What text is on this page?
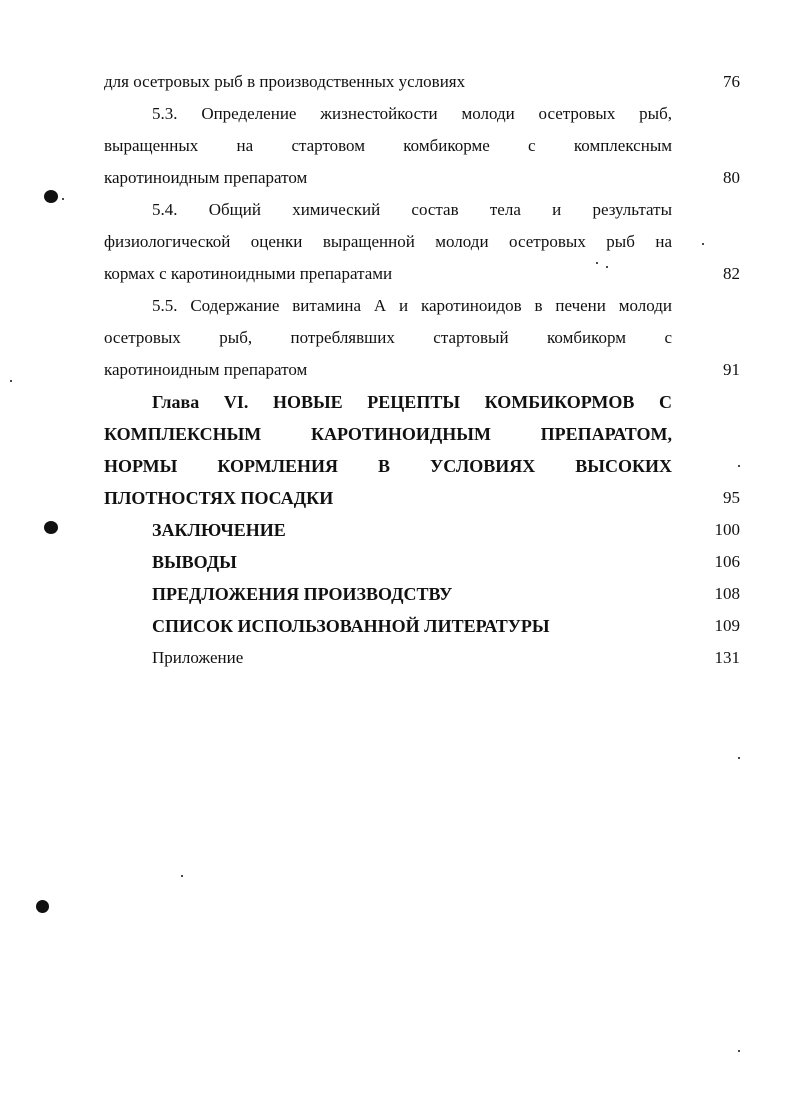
для осетровых рыб в производственных условиях	76
5.3. Определение жизнестойкости молоди осетровых рыб,
выращенных на стартовом комбикорме с комплексным
каротиноидным препаратом	80
5.4. Общий химический состав тела и результаты
физиологической оценки выращенной молоди осетровых рыб на
кормах с каротиноидными препаратами	82
5.5. Содержание витамина А и каротиноидов в печени молоди
осетровых рыб, потреблявших стартовый комбикорм с
каротиноидным препаратом	91
Глава VI. НОВЫЕ РЕЦЕПТЫ КОМБИКОРМОВ С
КОМПЛЕКСНЫМ КАРОТИНОИДНЫМ ПРЕПАРАТОМ,
НОРМЫ КОРМЛЕНИЯ В УСЛОВИЯХ ВЫСОКИХ
ПЛОТНОСТЯХ ПОСАДКИ	95
ЗАКЛЮЧЕНИЕ	100
ВЫВОДЫ	106
ПРЕДЛОЖЕНИЯ ПРОИЗВОДСТВУ	108
СПИСОК ИСПОЛЬЗОВАННОЙ ЛИТЕРАТУРЫ	109
Приложение	131
